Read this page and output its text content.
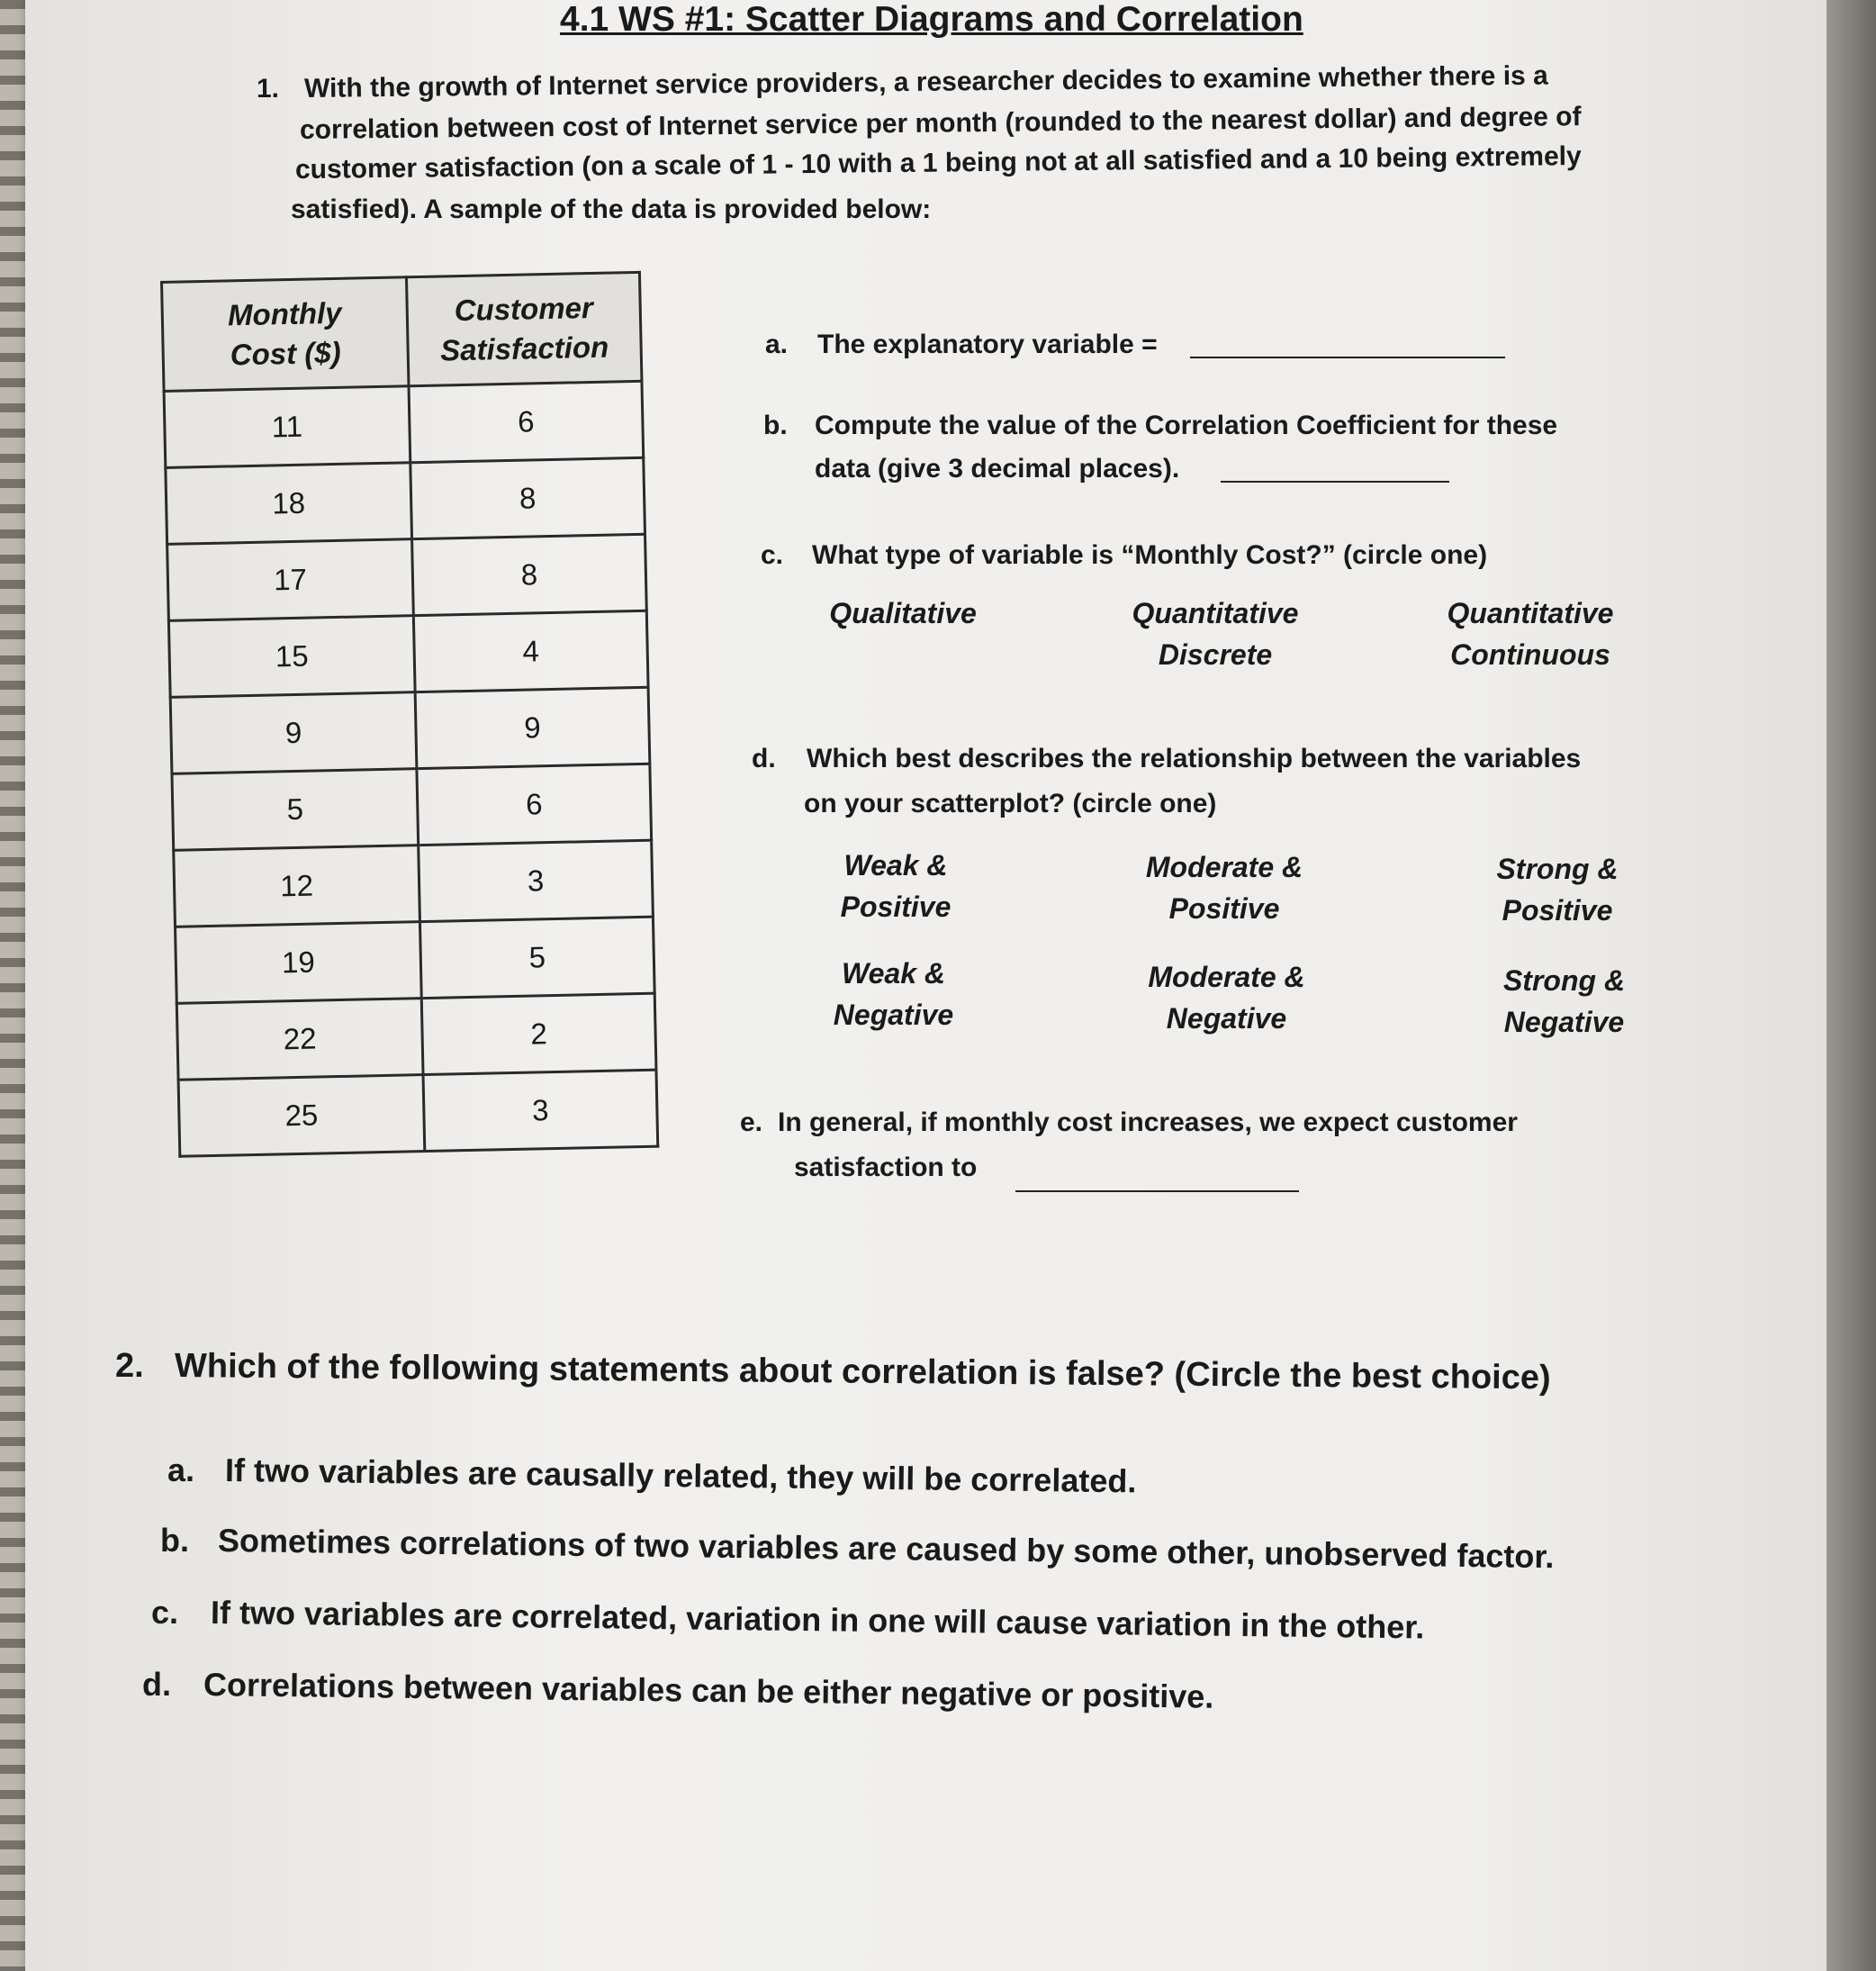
4.1 WS #1: Scatter Diagrams and Correlation
1. With the growth of Internet service providers, a researcher decides to examine whether there is a
correlation between cost of Internet service per month (rounded to the nearest dollar) and degree of
customer satisfaction (on a scale of 1 - 10 with a 1 being not at all satisfied and a 10 being extremely
satisfied). A sample of the data is provided below:
Monthly
Cost ($)	Customer
Satisfaction
11	6
18	8
17	8
15	4
9	9
5	6
12	3
19	5
22	2
25	3
a. The explanatory variable =
b. Compute the value of the Correlation Coefficient for these
data (give 3 decimal places).
c. What type of variable is “Monthly Cost?” (circle one)
Qualitative	Quantitative
Discrete
Quantitative
Continuous
d. Which best describes the relationship between the variables
on your scatterplot? (circle one)
Weak &
Positive
Moderate &
Positive
Strong &
Positive
Weak &
Negative
Moderate &
Negative
Strong &
Negative
e. In general, if monthly cost increases, we expect customer
satisfaction to
2. Which of the following statements about correlation is false? (Circle the best choice)
a. If two variables are causally related, they will be correlated.
b. Sometimes correlations of two variables are caused by some other, unobserved factor.
c. If two variables are correlated, variation in one will cause variation in the other.
d. Correlations between variables can be either negative or positive.
